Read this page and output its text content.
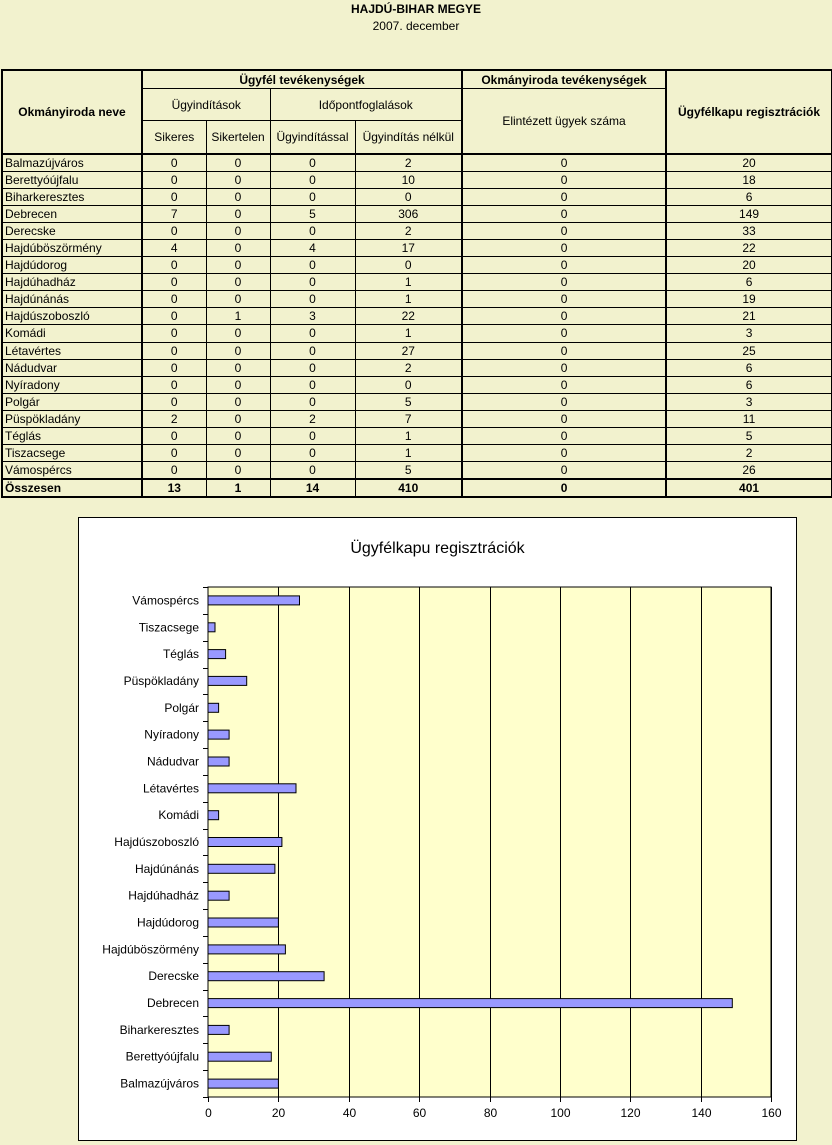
HAJDÚ-BIHAR MEGYE
2007. december
Okmányiroda neve	Ügyfél tevékenységek				Okmányiroda tevékenységek	Ügyfélkapu regisztrációk
	Ügyindítások		Időpontfoglalások		Elintézett ügyek száma	
	Sikeres	Sikertelen	Ügyindítással	Ügyindítás nélkül		
Balmazújváros	0	0	0	2	0	20
Berettyóújfalu	0	0	0	10	0	18
Biharkeresztes	0	0	0	0	0	6
Debrecen	7	0	5	306	0	149
Derecske	0	0	0	2	0	33
Hajdúböszörmény	4	0	4	17	0	22
Hajdúdorog	0	0	0	0	0	20
Hajdúhadház	0	0	0	1	0	6
Hajdúnánás	0	0	0	1	0	19
Hajdúszoboszló	0	1	3	22	0	21
Komádi	0	0	0	1	0	3
Létavértes	0	0	0	27	0	25
Nádudvar	0	0	0	2	0	6
Nyíradony	0	0	0	0	0	6
Polgár	0	0	0	5	0	3
Püspökladány	2	0	2	7	0	11
Téglás	0	0	0	1	0	5
Tiszacsege	0	0	0	1	0	2
Vámospércs	0	0	0	5	0	26
Összesen	13	1	14	410	0	401
Ügyfélkapu regisztrációk
0	20	40	60	80	100	120	140	160
Balmazújváros
Berettyóújfalu
Biharkeresztes
Debrecen
Derecske
Hajdúböszörmény
Hajdúdorog
Hajdúhadház
Hajdúnánás
Hajdúszoboszló
Komádi
Létavértes
Nádudvar
Nyíradony
Polgár
Püspökladány
Téglás
Tiszacsege
Vámospércs
